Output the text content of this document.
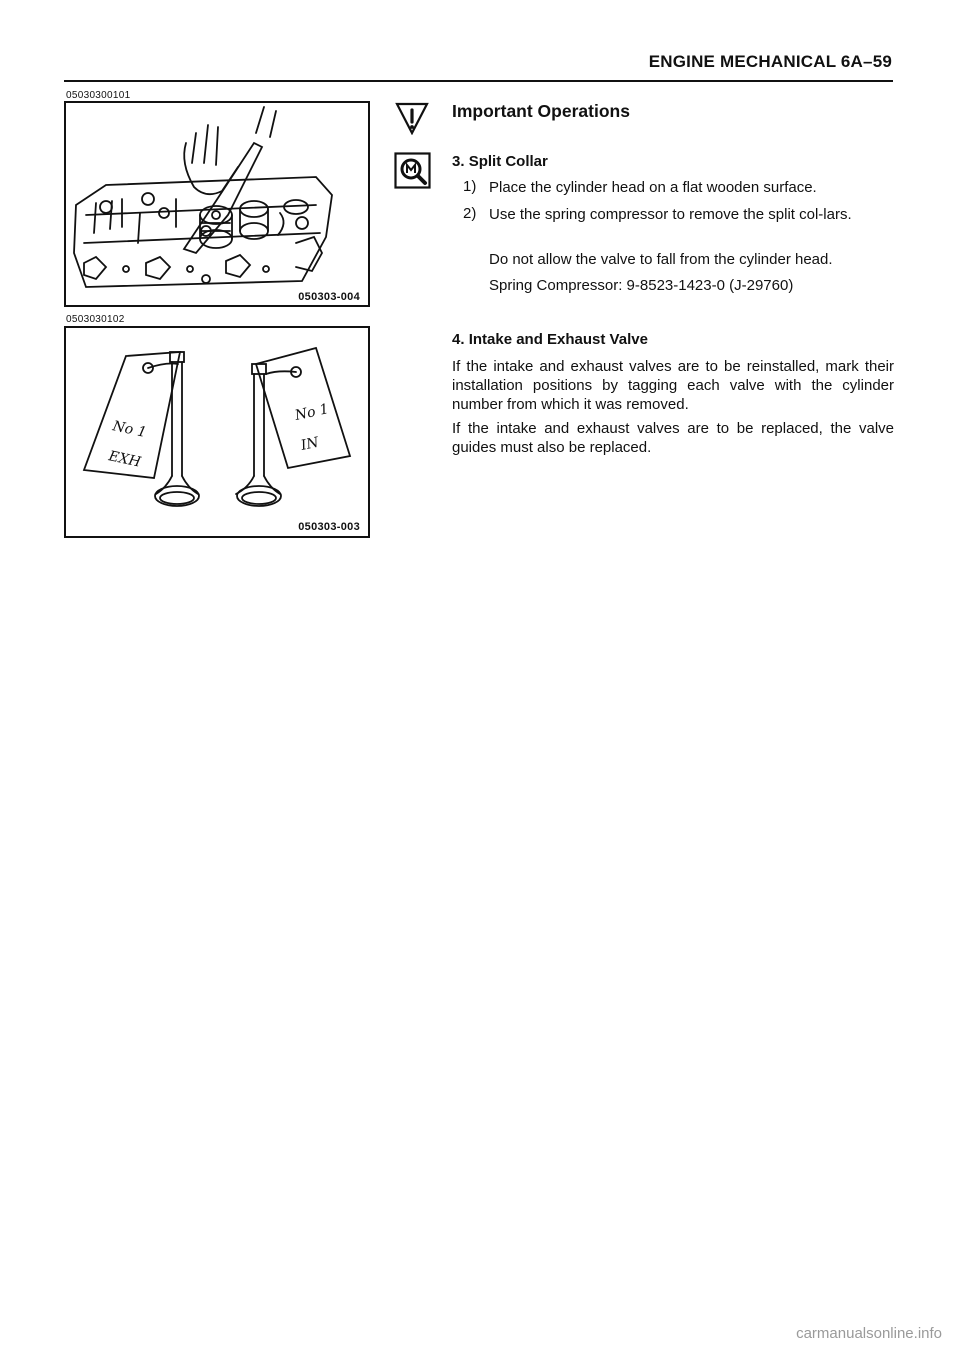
ENGINE MECHANICAL 6A–59
05030300101
050303-004
0503030102
No 1
EXH
No 1
IN
050303-003
Important Operations
3. Split Collar
1) Place the cylinder head on a flat wooden surface.
2) Use the spring compressor to remove the split col-lars.
Do not allow the valve to fall from the cylinder head.
Spring Compressor: 9-8523-1423-0 (J-29760)
4. Intake and Exhaust Valve
If the intake and exhaust valves are to be reinstalled, mark their installation positions by tagging each valve with the cylinder number from which it was removed.
If the intake and exhaust valves are to be replaced, the valve guides must also be replaced.
carmanualsonline.info
